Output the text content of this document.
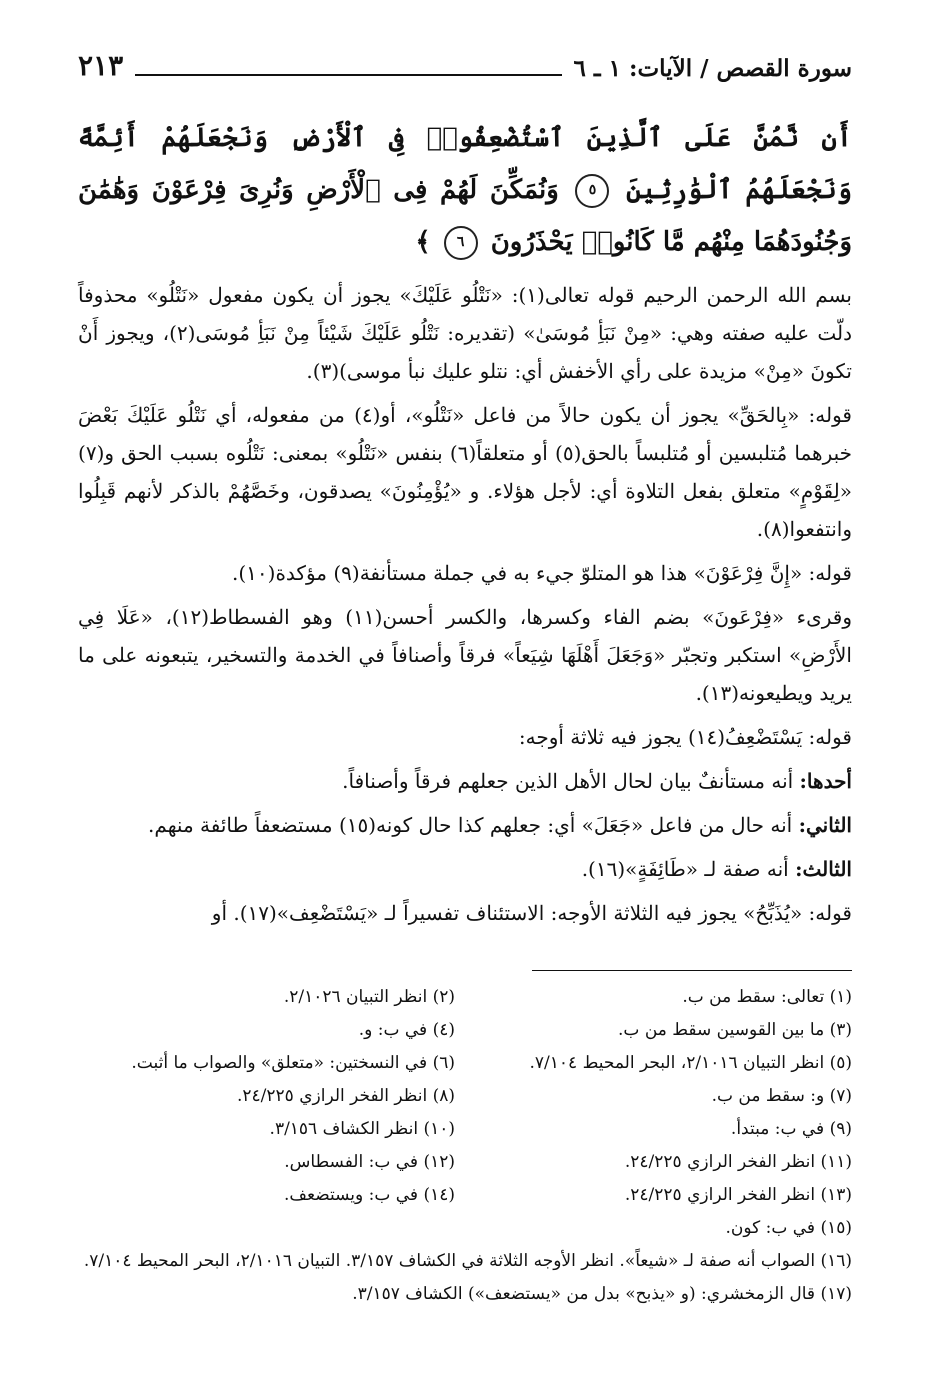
سورة القصص / الآيات: ١ ـ ٦
٢١٣
أَن نَّمُنَّ عَلَى ٱلَّذِينَ ٱسْتُضْعِفُوا۟ فِى ٱلْأَرْضِ وَنَجْعَلَهُمْ أَئِمَّةً وَنَجْعَلَهُمُ ٱلْوَٰرِثِينَ ٥ وَنُمَكِّنَ لَهُمْ فِى ٱلْأَرْضِ وَنُرِىَ فِرْعَوْنَ وَهَٰمَٰنَ وَجُنُودَهُمَا مِنْهُم مَّا كَانُوا۟ يَحْذَرُونَ ٦ ﴾

بسم الله الرحمن الرحيم قوله تعالى(١): «نَتْلُو عَلَيْكَ» يجوز أن يكون مفعول «نَتْلُو» محذوفاً دلّت عليه صفته وهي: «مِنْ نَبَأِ مُوسَىٰ» (تقديره: نَتْلُو عَلَيْكَ شَيْئاً مِنْ نَبَأِ مُوسَى(٢)، ويجوز أَنْ تكونَ «مِنْ» مزيدة على رأي الأخفش أي: نتلو عليك نبأ موسى)(٣).

قوله: «بِالحَقِّ» يجوز أن يكون حالاً من فاعل «نَتْلُو»، أو(٤) من مفعوله، أي نَتْلُو عَلَيْكَ بَعْضَ خبرهما مُتلبسين أو مُتلبساً بالحق(٥) أو متعلقاً(٦) بنفس «نَتْلُو» بمعنى: نَتْلُوه بسبب الحق و(٧) «لِقَوْمٍ» متعلق بفعل التلاوة أي: لأجل هؤلاء. و «يُؤْمِنُونَ» يصدقون، وخَصَّهُمْ بالذكر لأنهم قَبِلُوا وانتفعوا(٨).

قوله: «إِنَّ فِرْعَوْنَ» هذا هو المتلوّ جيء به في جملة مستأنفة(٩) مؤكدة(١٠).

وقرىء «فِرْعَونَ» بضم الفاء وكسرها، والكسر أحسن(١١) وهو الفسطاط(١٢)، «عَلَا فِي الأَرْضِ» استكبر وتجبّر «وَجَعَلَ أَهْلَهَا شِيَعاً» فرقاً وأصنافاً في الخدمة والتسخير، يتبعونه على ما يريد ويطيعونه(١٣).

قوله: يَسْتَضْعِفُ(١٤) يجوز فيه ثلاثة أوجه:

أحدها: أنه مستأنفٌ بيان لحال الأهل الذين جعلهم فرقاً وأصنافاً.

الثاني: أنه حال من فاعل «جَعَلَ» أي: جعلهم كذا حال كونه(١٥) مستضعفاً طائفة منهم.

الثالث: أنه صفة لـ «طَائِفَةٍ»(١٦).

قوله: «يُذَبِّحُ» يجوز فيه الثلاثة الأوجه: الاستئناف تفسيراً لـ «يَسْتَضْعِف»(١٧). أو

(١) تعالى: سقط من ب.
(٢) انظر التبيان ٢/١٠٢٦.
(٣) ما بين القوسين سقط من ب.
(٤) في ب: و.
(٥) انظر التبيان ٢/١٠١٦، البحر المحيط ٧/١٠٤.
(٦) في النسختين: «متعلق» والصواب ما أثبت.
(٧) و: سقط من ب.
(٨) انظر الفخر الرازي ٢٤/٢٢٥.
(٩) في ب: مبتدأ.
(١٠) انظر الكشاف ٣/١٥٦.
(١١) انظر الفخر الرازي ٢٤/٢٢٥.
(١٢) في ب: الفسطاس.
(١٣) انظر الفخر الرازي ٢٤/٢٢٥.
(١٤) في ب: ويستضعف.
(١٥) في ب: كون.
(١٦) الصواب أنه صفة لـ «شيعاً». انظر الأوجه الثلاثة في الكشاف ٣/١٥٧. التبيان ٢/١٠١٦، البحر المحيط ٧/١٠٤.
(١٧) قال الزمخشري: (و «يذبح» بدل من «يستضعف») الكشاف ٣/١٥٧.
